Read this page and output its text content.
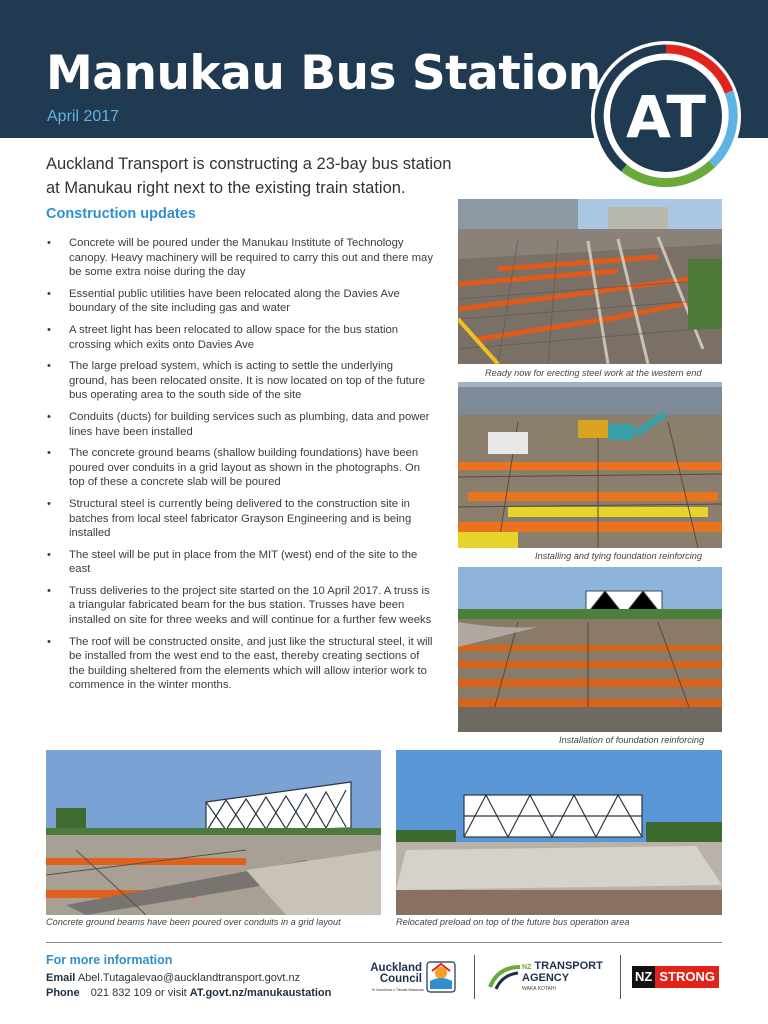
Manukau Bus Station
April 2017	AT
Auckland Transport is constructing a 23-bay bus station at Manukau right next to the existing train station.
Construction updates
• Concrete will be poured under the Manukau Institute of Technology canopy. Heavy machinery will be required to carry this out and there may be some extra noise during the day
• Essential public utilities have been relocated along the Davies Ave boundary of the site including gas and water
• A street light has been relocated to allow space for the bus station crossing which exits onto Davies Ave
• The large preload system, which is acting to settle the underlying ground, has been relocated onsite. It is now located on top of the future bus operating area to the south side of the site
• Conduits (ducts) for building services such as plumbing, data and power lines have been installed
• The concrete ground beams (shallow building foundations) have been poured over conduits in a grid layout as shown in the photographs. On top of these a concrete slab will be poured
• Structural steel is currently being delivered to the construction site in batches from local steel fabricator Grayson Engineering and is being installed
• The steel will be put in place from the MIT (west) end of the site to the east
• Truss deliveries to the project site started on the 10 April 2017. A truss is a triangular fabricated beam for the bus station. Trusses have been installed on site for three weeks and will continue for a further few weeks
• The roof will be constructed onsite, and just like the structural steel, it will be installed from the west end to the east, thereby creating sections of the building sheltered from the elements which will allow interior work to commence in the winter months.
Ready now for erecting steel work at the western end
Installing and tying foundation reinforcing
Installation of foundation reinforcing
Concrete ground beams have been poured over conduits in a grid layout	Relocated preload on top of the future bus operation area
For more information
Email Abel.Tutagalevao@aucklandtransport.govt.nz
Phone 021 832 109 or visit AT.govt.nz/manukaustation
Auckland
Council
Te Kaunihera o Tāmaki Makaurau
NZ TRANSPORT
AGENCY
WAKA KOTAHI
NZ STRONG
